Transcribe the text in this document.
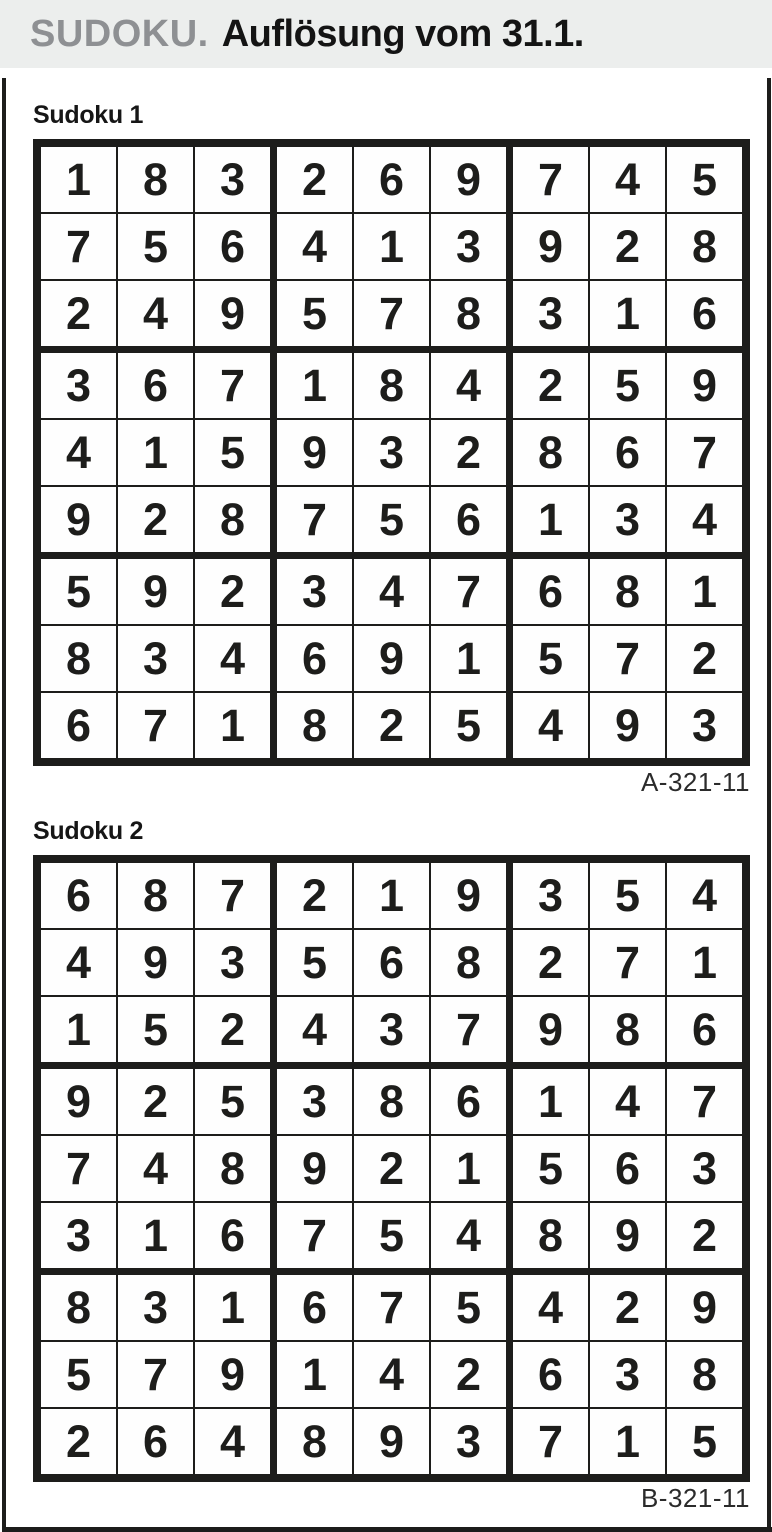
SUDOKU. Auflösung vom 31.1.
Sudoku 1
1	8	3	2	6	9	7	4	5
7	5	6	4	1	3	9	2	8
2	4	9	5	7	8	3	1	6
3	6	7	1	8	4	2	5	9
4	1	5	9	3	2	8	6	7
9	2	8	7	5	6	1	3	4
5	9	2	3	4	7	6	8	1
8	3	4	6	9	1	5	7	2
6	7	1	8	2	5	4	9	3
A-321-11
Sudoku 2
6	8	7	2	1	9	3	5	4
4	9	3	5	6	8	2	7	1
1	5	2	4	3	7	9	8	6
9	2	5	3	8	6	1	4	7
7	4	8	9	2	1	5	6	3
3	1	6	7	5	4	8	9	2
8	3	1	6	7	5	4	2	9
5	7	9	1	4	2	6	3	8
2	6	4	8	9	3	7	1	5
B-321-11
